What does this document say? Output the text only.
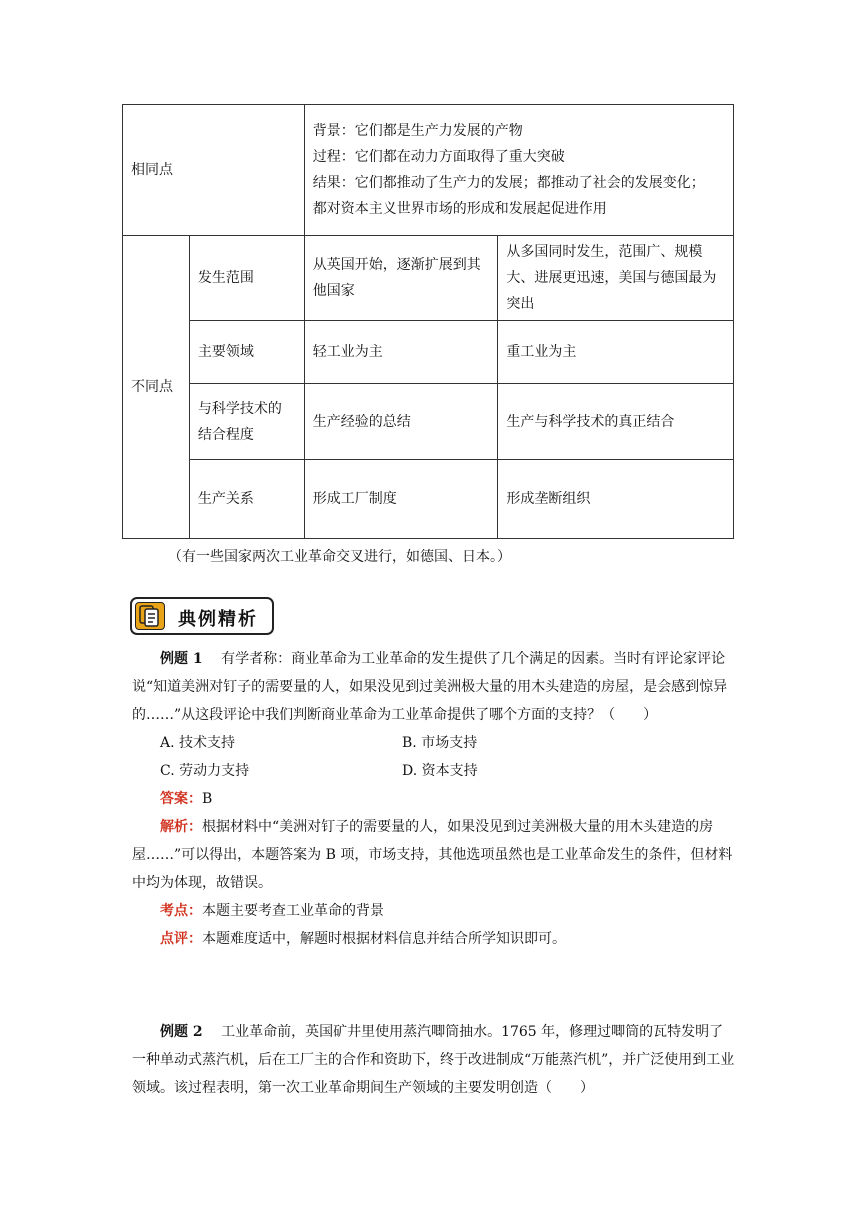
相同点		背景：它们都是生产力发展的产物
过程：它们都在动力方面取得了重大突破
结果：它们都推动了生产力的发展；都推动了社会的发展变化；
都对资本主义世界市场的形成和发展起促进作用	

不同点	发生范围	从英国开始，逐渐扩展到其他国家	从多国同时发生，范围广、规模大、进展更迅速，美国与德国最为突出
	主要领域	轻工业为主	重工业为主
	与科学技术的结合程度	生产经验的总结	生产与科学技术的真正结合
	生产关系	形成工厂制度	形成垄断组织
（有一些国家两次工业革命交叉进行，如德国、日本。）
典例精析

例题 1　 有学者称：商业革命为工业革命的发生提供了几个满足的因素。当时有评论家评论说“知道美洲对钉子的需要量的人，如果没见到过美洲极大量的用木头建造的房屋，是会感到惊异的……”从这段评论中我们判断商业革命为工业革命提供了哪个方面的支持？（　　）

A. 技术支持	B. 市场支持
C. 劳动力支持	D. 资本支持

答案：B

解析：根据材料中“美洲对钉子的需要量的人，如果没见到过美洲极大量的用木头建造的房屋……”可以得出，本题答案为 B 项，市场支持，其他选项虽然也是工业革命发生的条件，但材料中均为体现，故错误。

考点：本题主要考查工业革命的背景

点评：本题难度适中，解题时根据材料信息并结合所学知识即可。

例题 2　 工业革命前，英国矿井里使用蒸汽唧筒抽水。1765 年，修理过唧筒的瓦特发明了一种单动式蒸汽机，后在工厂主的合作和资助下，终于改进制成“万能蒸汽机”，并广泛使用到工业领域。该过程表明，第一次工业革命期间生产领域的主要发明创造（　　）
